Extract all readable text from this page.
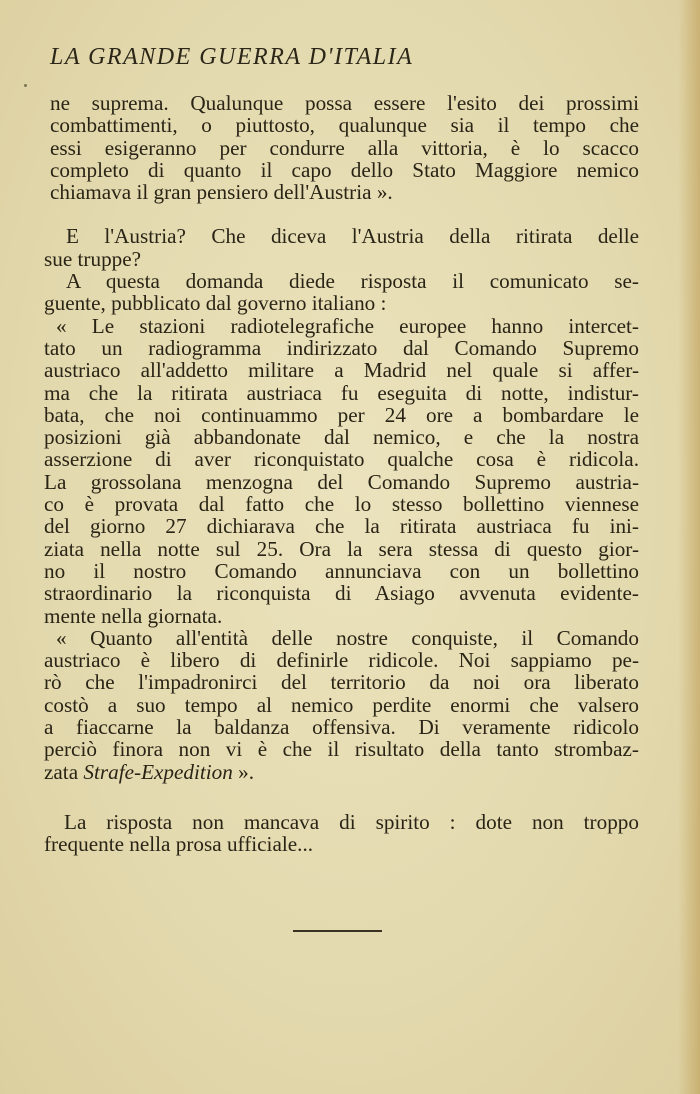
LA GRANDE GUERRA D'ITALIA

ne suprema. Qualunque possa essere l'esito dei prossimi
combattimenti, o piuttosto, qualunque sia il tempo che
essi esigeranno per condurre alla vittoria, è lo scacco
completo di quanto il capo dello Stato Maggiore nemico
chiamava il gran pensiero dell'Austria ».

E l'Austria? Che diceva l'Austria della ritirata delle
sue truppe?

A questa domanda diede risposta il comunicato se-
guente, pubblicato dal governo italiano :

« Le stazioni radiotelegrafiche europee hanno intercet-
tato un radiogramma indirizzato dal Comando Supremo
austriaco all'addetto militare a Madrid nel quale si affer-
ma che la ritirata austriaca fu eseguita di notte, indistur-
bata, che noi continuammo per 24 ore a bombardare le
posizioni già abbandonate dal nemico, e che la nostra
asserzione di aver riconquistato qualche cosa è ridicola.
La grossolana menzogna del Comando Supremo austria-
co è provata dal fatto che lo stesso bollettino viennese
del giorno 27 dichiarava che la ritirata austriaca fu ini-
ziata nella notte sul 25. Ora la sera stessa di questo gior-
no il nostro Comando annunciava con un bollettino
straordinario la riconquista di Asiago avvenuta evidente-
mente nella giornata.

« Quanto all'entità delle nostre conquiste, il Comando
austriaco è libero di definirle ridicole. Noi sappiamo pe-
rò che l'impadronirci del territorio da noi ora liberato
costò a suo tempo al nemico perdite enormi che valsero
a fiaccarne la baldanza offensiva. Di veramente ridicolo
perciò finora non vi è che il risultato della tanto strombaz-
zata Strafe-Expedition ».

La risposta non mancava di spirito : dote non troppo
frequente nella prosa ufficiale...
